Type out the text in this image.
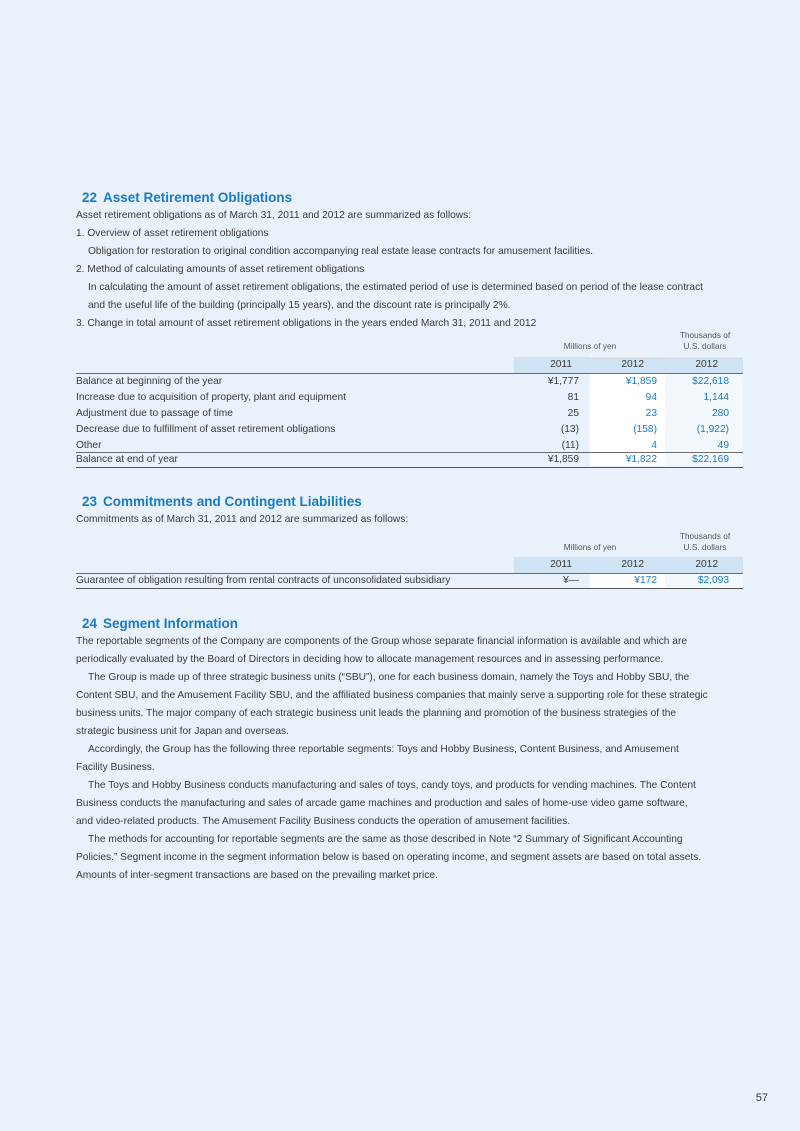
22 Asset Retirement Obligations

Asset retirement obligations as of March 31, 2011 and 2012 are summarized as follows:

1. Overview of asset retirement obligations

Obligation for restoration to original condition accompanying real estate lease contracts for amusement facilities.

2. Method of calculating amounts of asset retirement obligations

In calculating the amount of asset retirement obligations, the estimated period of use is determined based on period of the lease contract

and the useful life of the building (principally 15 years), and the discount rate is principally 2%.

3. Change in total amount of asset retirement obligations in the years ended March 31, 2011 and 2012

Millions of yen
Thousands of
U.S. dollars
2011	2012	2012
Balance at beginning of the year	¥1,777	¥1,859	$22,618
Increase due to acquisition of property, plant and equipment	81	94	1,144
Adjustment due to passage of time	25	23	280
Decrease due to fulfillment of asset retirement obligations	(13)	(158)	(1,922)
Other	(11)	4	49
Balance at end of year	¥1,859	¥1,822	$22,169
23 Commitments and Contingent Liabilities

Commitments as of March 31, 2011 and 2012 are summarized as follows:

Millions of yen
Thousands of
U.S. dollars
2011	2012	2012
Guarantee of obligation resulting from rental contracts of unconsolidated subsidiary	¥—	¥172	$2,093
24 Segment Information

The reportable segments of the Company are components of the Group whose separate financial information is available and which are

periodically evaluated by the Board of Directors in deciding how to allocate management resources and in assessing performance.

The Group is made up of three strategic business units (“SBU”), one for each business domain, namely the Toys and Hobby SBU, the

Content SBU, and the Amusement Facility SBU, and the affiliated business companies that mainly serve a supporting role for these strategic

business units. The major company of each strategic business unit leads the planning and promotion of the business strategies of the

strategic business unit for Japan and overseas.

Accordingly, the Group has the following three reportable segments: Toys and Hobby Business, Content Business, and Amusement

Facility Business.

The Toys and Hobby Business conducts manufacturing and sales of toys, candy toys, and products for vending machines. The Content

Business conducts the manufacturing and sales of arcade game machines and production and sales of home-use video game software,

and video-related products. The Amusement Facility Business conducts the operation of amusement facilities.

The methods for accounting for reportable segments are the same as those described in Note “2 Summary of Significant Accounting

Policies.” Segment income in the segment information below is based on operating income, and segment assets are based on total assets.

Amounts of inter-segment transactions are based on the prevailing market price.

57
